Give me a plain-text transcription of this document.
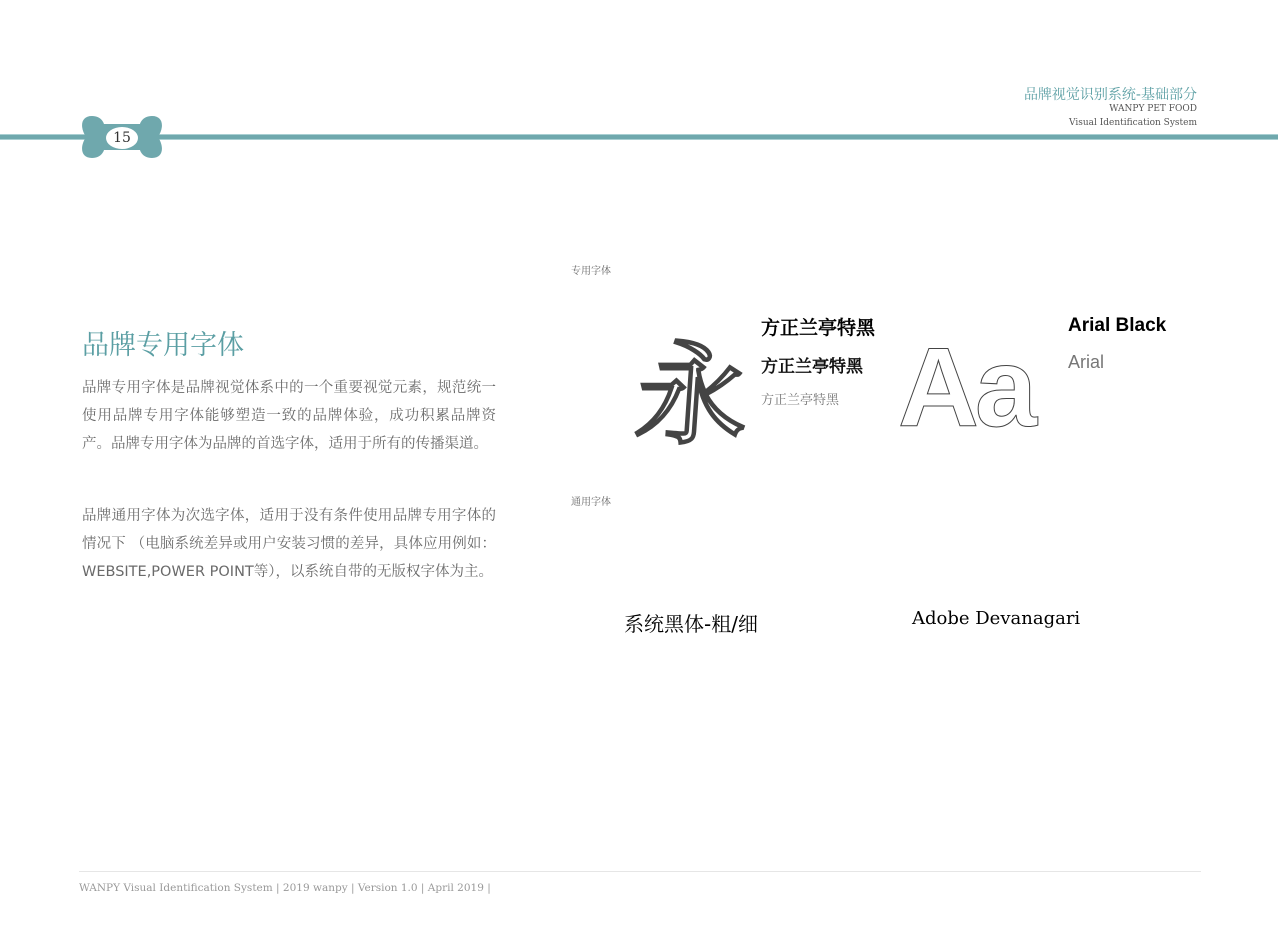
15
品牌视觉识别系统-基础部分
WANPY PET FOOD
Visual Identification System
品牌专用字体
品牌专用字体是品牌视觉体系中的一个重要视觉元素，规范统一使用品牌专用字体能够塑造一致的品牌体验，成功积累品牌资产。品牌专用字体为品牌的首选字体，适用于所有的传播渠道。
品牌通用字体为次选字体，适用于没有条件使用品牌专用字体的情况下 （电脑系统差异或用户安装习惯的差异，具体应用例如：WEBSITE,POWER POINT等），以系统自带的无版权字体为主。
专用字体
永
方正兰亭特黑
方正兰亭特黑
方正兰亭特黑 Aa Arial Black
Arial
通用字体
系统黑体-粗/细	Adobe Devanagari
WANPY Visual Identification System | 2019 wanpy | Version 1.0 | April 2019 |
